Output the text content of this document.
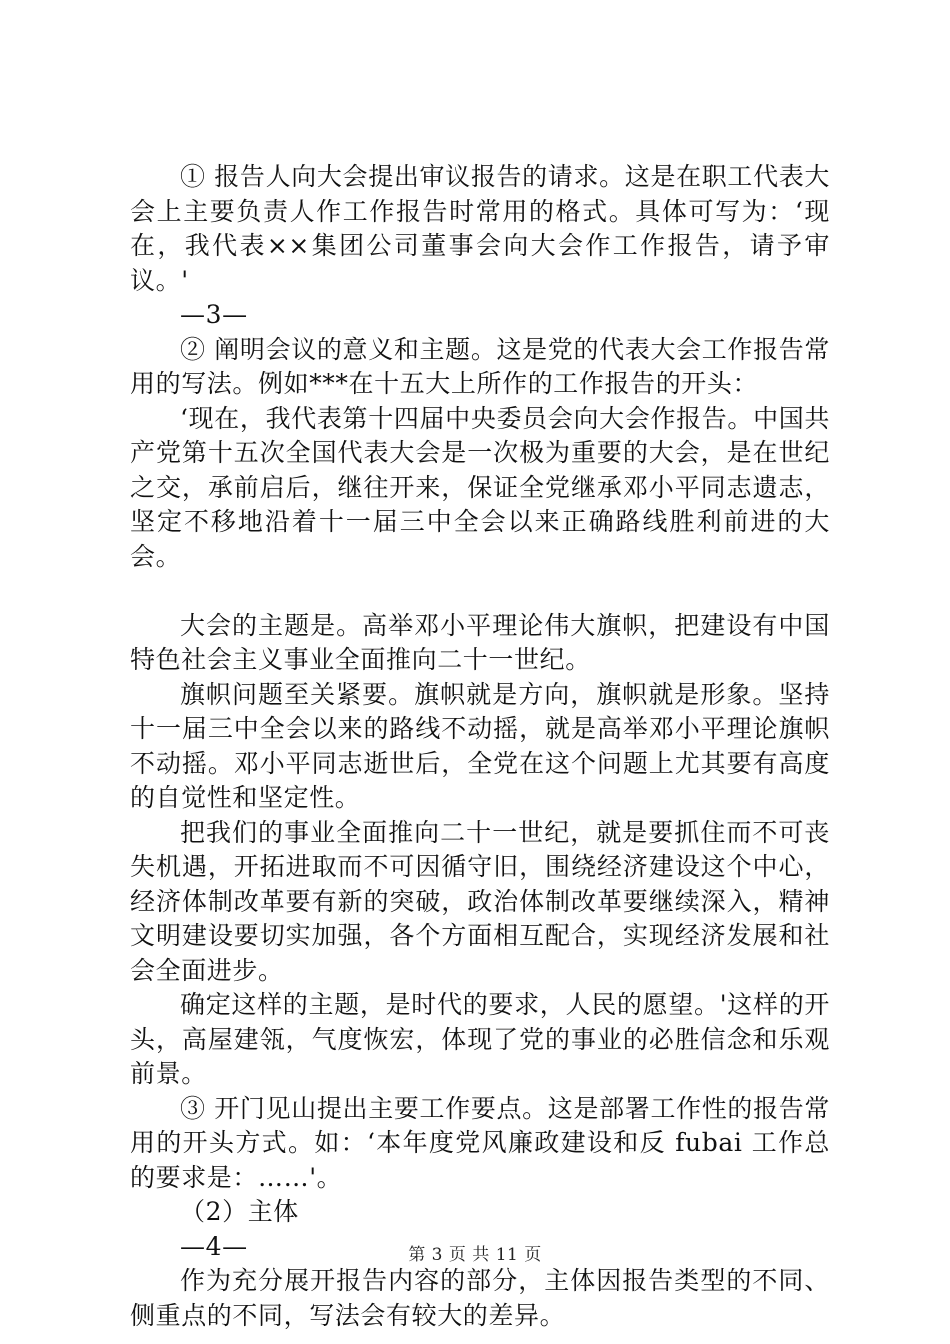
① 报告人向大会提出审议报告的请求。这是在职工代表大会上主要负责人作工作报告时常用的格式。具体可写为：‘现在，我代表××集团公司董事会向大会作工作报告，请予审议。'

—3—

② 阐明会议的意义和主题。这是党的代表大会工作报告常用的写法。例如***在十五大上所作的工作报告的开头：

‘现在，我代表第十四届中央委员会向大会作报告。中国共产党第十五次全国代表大会是一次极为重要的大会，是在世纪之交，承前启后，继往开来，保证全党继承邓小平同志遗志，坚定不移地沿着十一届三中全会以来正确路线胜利前进的大会。

大会的主题是。高举邓小平理论伟大旗帜，把建设有中国特色社会主义事业全面推向二十一世纪。

旗帜问题至关紧要。旗帜就是方向，旗帜就是形象。坚持十一届三中全会以来的路线不动摇，就是高举邓小平理论旗帜不动摇。邓小平同志逝世后，全党在这个问题上尤其要有高度的自觉性和坚定性。

把我们的事业全面推向二十一世纪，就是要抓住而不可丧失机遇，开拓进取而不可因循守旧，围绕经济建设这个中心，经济体制改革要有新的突破，政治体制改革要继续深入，精神文明建设要切实加强，各个方面相互配合，实现经济发展和社会全面进步。

确定这样的主题，是时代的要求，人民的愿望。'这样的开头，高屋建瓴，气度恢宏，体现了党的事业的必胜信念和乐观前景。

③ 开门见山提出主要工作要点。这是部署工作性的报告常用的开头方式。如：‘本年度党风廉政建设和反 fubai 工作总的要求是：……'。

（2）主体

—4—

作为充分展开报告内容的部分，主体因报告类型的不同、侧重点的不同，写法会有较大的差异。

第 3 页 共 11 页
